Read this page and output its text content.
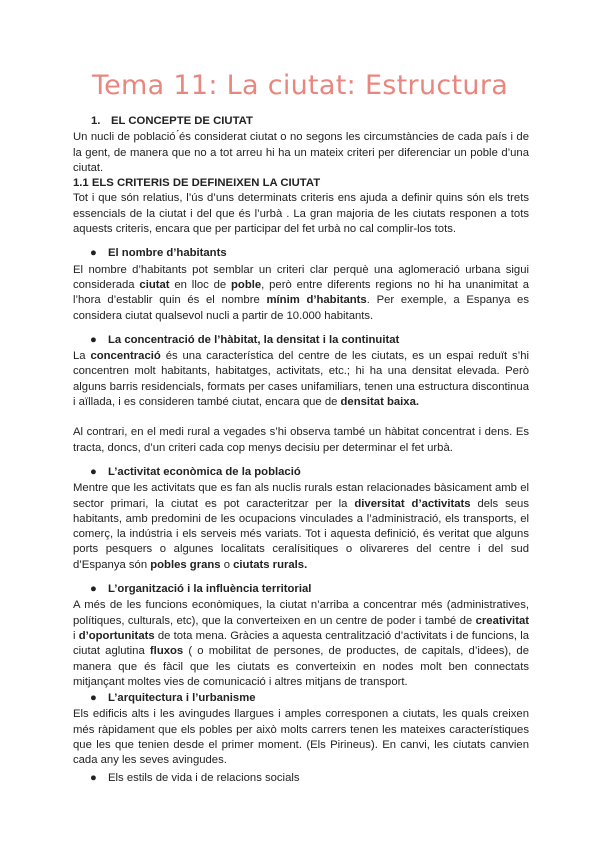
Tema 11: La ciutat: Estructura

1. EL CONCEPTE DE CIUTAT

Un nucli de població ́és considerat ciutat o no segons les circumstàncies de cada país i de la gent, de manera que no a tot arreu hi ha un mateix criteri per diferenciar un poble d’una ciutat.

1.1 ELS CRITERIS DE DEFINEIXEN LA CIUTAT

Tot i que són relatius, l’ús d’uns determinats criteris ens ajuda a definir quins són els trets essencials de la ciutat i del que és l’urbà . La gran majoria de les ciutats responen a tots aquests criteris, encara que per participar del fet urbà no cal complir-los tots.

● El nombre d’habitants

El nombre d’habitants pot semblar un criteri clar perquè una aglomeració urbana sigui considerada ciutat en lloc de poble, però entre diferents regions no hi ha unanimitat a l’hora d’establir quin és el nombre mínim d’habitants. Per exemple, a Espanya es considera ciutat qualsevol nucli a partir de 10.000 habitants.

● La concentració de l’hàbitat, la densitat i la continuitat

La concentració és una característica del centre de les ciutats, es un espai reduït s’hi concentren molt habitants, habitatges, activitats, etc.; hi ha una densitat elevada. Però alguns barris residencials, formats per cases unifamiliars, tenen una estructura discontinua i aïllada, i es consideren també ciutat, encara que de densitat baixa.

Al contrari, en el medi rural a vegades s’hi observa també un hàbitat concentrat i dens. Es tracta, doncs, d’un criteri cada cop menys decisiu per determinar el fet urbà.

● L’activitat econòmica de la població

Mentre que les activitats que es fan als nuclis rurals estan relacionades bàsicament amb el sector primari, la ciutat es pot caracteritzar per la diversitat d’activitats dels seus habitants, amb predomini de les ocupacions vinculades a l’administració, els transports, el comerç, la indústria i els serveis més variats. Tot i aquesta definició, és veritat que alguns ports pesquers o algunes localitats ceralísitiques o olivareres del centre i del sud d’Espanya són pobles grans o ciutats rurals.

● L’organització i la influència territorial

A més de les funcions econòmiques, la ciutat n’arriba a concentrar més (administratives, polítiques, culturals, etc), que la converteixen en un centre de poder i també de creativitat i d’oportunitats de tota mena. Gràcies a aquesta centralització d’activitats i de funcions, la ciutat aglutina fluxos ( o mobilitat de persones, de productes, de capitals, d’idees), de manera que és fàcil que les ciutats es converteixin en nodes molt ben connectats mitjançant moltes vies de comunicació i altres mitjans de transport.

● L’arquitectura i l’urbanisme

Els edificis alts i les avingudes llargues i amples corresponen a ciutats, les quals creixen més ràpidament que els pobles per això molts carrers tenen les mateixes característiques que les que tenien desde el primer moment. (Els Pirineus). En canvi, les ciutats canvien cada any les seves avingudes.

● Els estils de vida i de relacions socials
